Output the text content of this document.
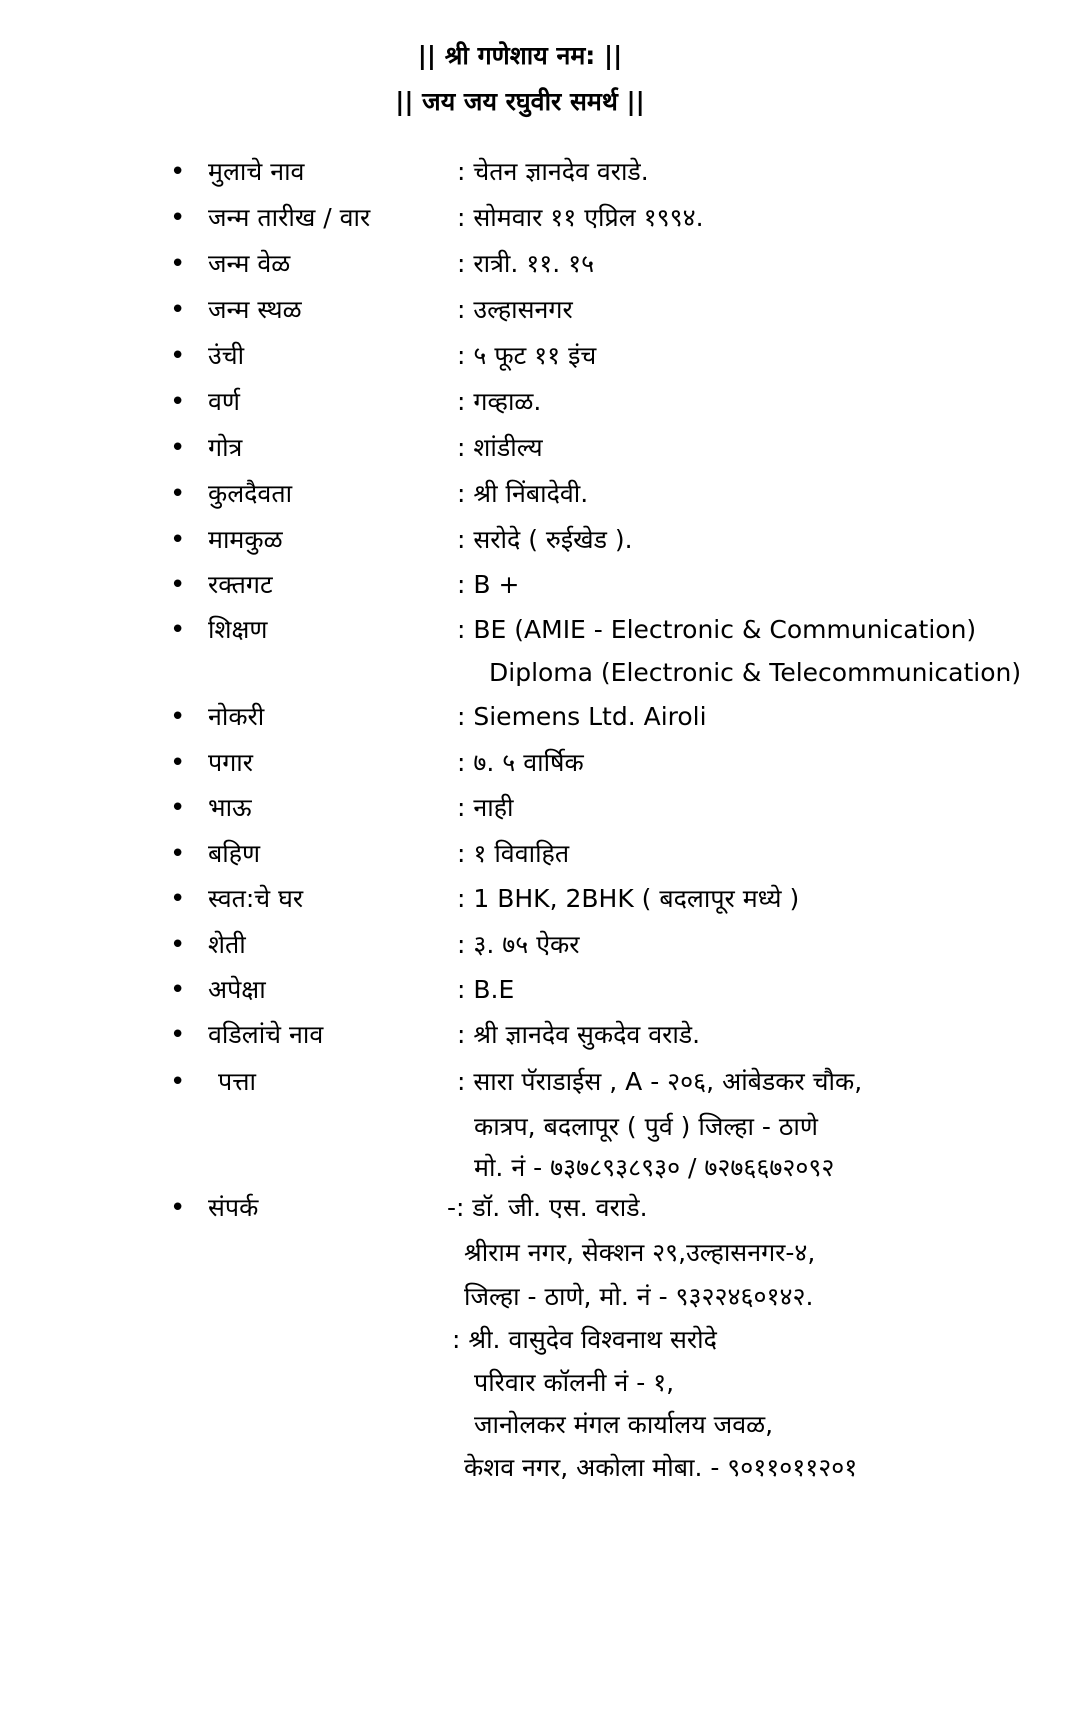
|| श्री गणेशाय नम: ||
|| जय जय रघुवीर समर्थ ||
• मुलाचे नाव	: चेतन ज्ञानदेव वराडे.
• जन्म तारीख / वार	: सोमवार ११ एप्रिल १९९४.
• जन्म वेळ	: रात्री. ११. १५
• जन्म स्थळ	: उल्हासनगर
• उंची	: ५ फूट ११ इंच
• वर्ण	: गव्हाळ.
• गोत्र	: शांडील्य
• कुलदैवता	: श्री निंबादेवी.
• मामकुळ	: सरोदे ( रुईखेड ).
• रक्तगट	: B +
• शिक्षण	: BE (AMIE - Electronic & Communication)
Diploma (Electronic & Telecommunication)
• नोकरी	: Siemens Ltd. Airoli
• पगार	: ७. ५ वार्षिक
• भाऊ	: नाही
• बहिण	: १ विवाहित
• स्वत:चे घर	: 1 BHK, 2BHK ( बदलापूर मध्ये )
• शेती	: ३. ७५ ऐकर
• अपेक्षा	: B.E
• वडिलांचे नाव	: श्री ज्ञानदेव सुकदेव वराडे.
• पत्ता	: सारा पॅराडाईस , A - २०६, आंबेडकर चौक,
कात्रप, बदलापूर ( पुर्व ) जिल्हा - ठाणे
मो. नं - ७३७८९३८९३० / ७२७६६७२०९२
• संपर्क	-: डॉ. जी. एस. वराडे.
श्रीराम नगर, सेक्शन २९,उल्हासनगर-४,
जिल्हा - ठाणे, मो. नं - ९३२२४६०१४२.
: श्री. वासुदेव विश्वनाथ सरोदे
परिवार कॉलनी नं - १,
जानोलकर मंगल कार्यालय जवळ,
केशव नगर, अकोला मोबा. - ९०११०११२०१
